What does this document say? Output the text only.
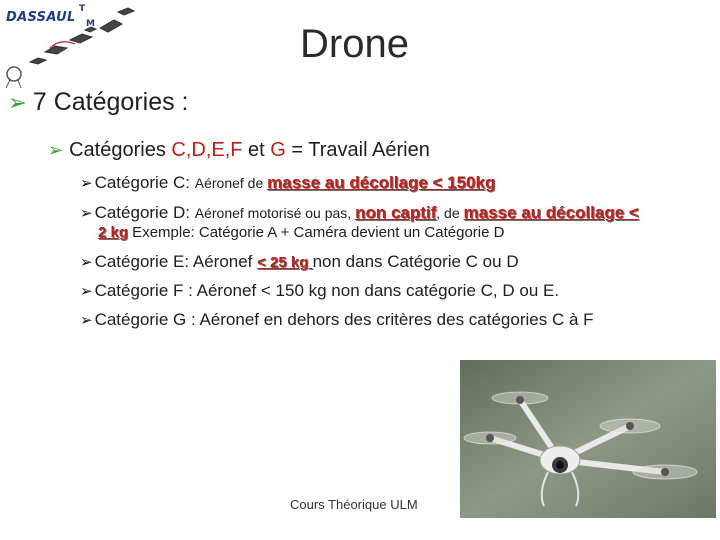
DASSAUL
T
M	Drone
➢ 7 Catégories :
➢ Catégories C,D,E,F et G = Travail Aérien
➢ Catégorie C: Aéronef de masse au décollage < 150kg
➢ Catégorie D: Aéronef motorisé ou pas, non captif, de masse au décollage <
2 kg Exemple: Catégorie A + Caméra devient un Catégorie D
➢ Catégorie E: Aéronef < 25 kg non dans Catégorie C ou D
➢ Catégorie F : Aéronef < 150 kg non dans catégorie C, D ou E.
➢ Catégorie G : Aéronef en dehors des critères des catégories C à F
Cours Théorique ULM
